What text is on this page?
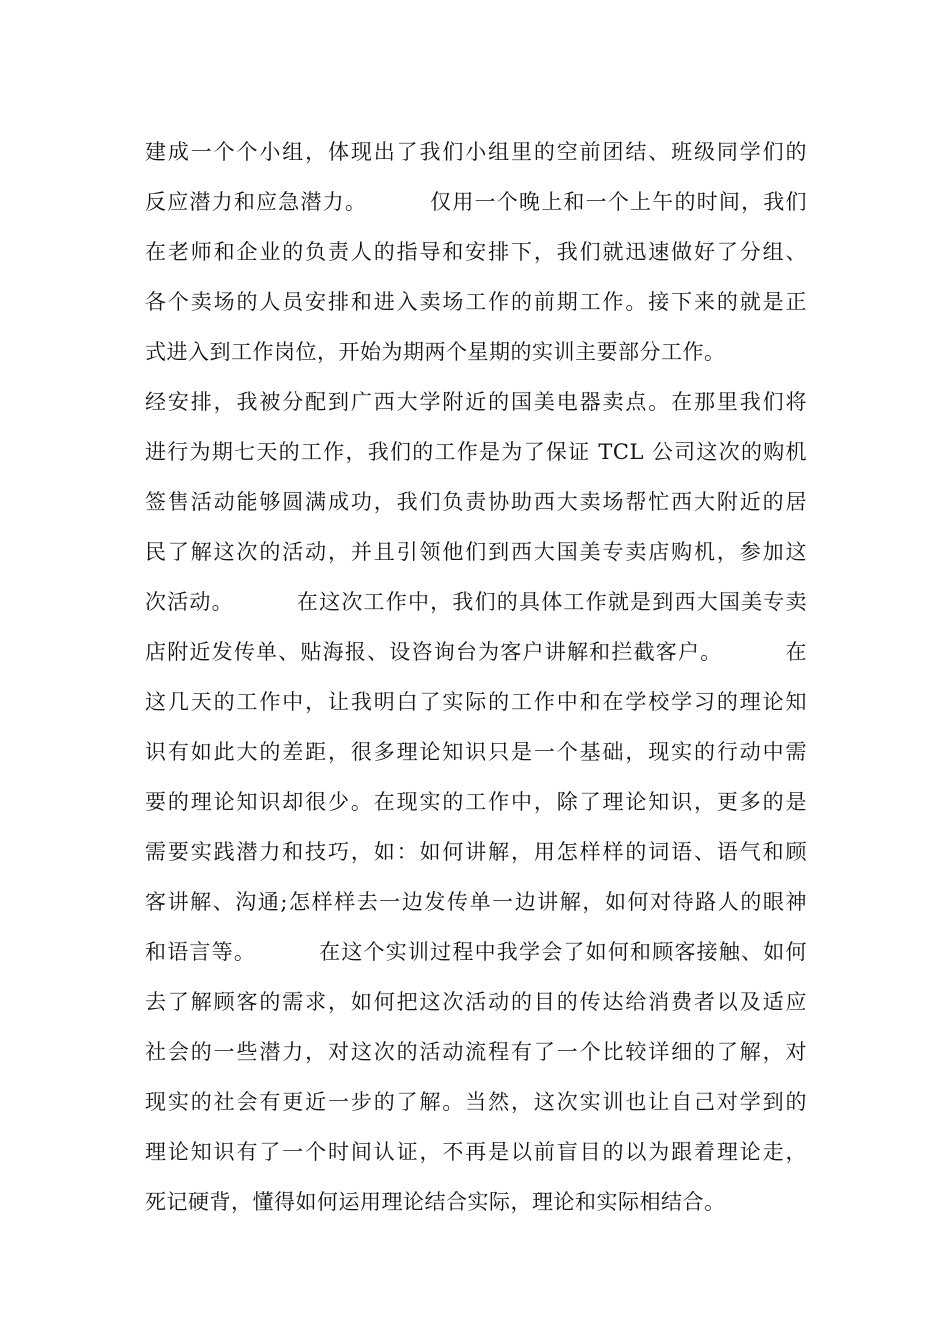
建成一个个小组，体现出了我们小组里的空前团结、班级同学们的
反应潜力和应急潜力。        仅用一个晚上和一个上午的时间，我们
在老师和企业的负责人的指导和安排下，我们就迅速做好了分组、
各个卖场的人员安排和进入卖场工作的前期工作。接下来的就是正
式进入到工作岗位，开始为期两个星期的实训主要部分工作。
经安排，我被分配到广西大学附近的国美电器卖点。在那里我们将
进行为期七天的工作，我们的工作是为了保证 TCL 公司这次的购机
签售活动能够圆满成功，我们负责协助西大卖场帮忙西大附近的居
民了解这次的活动，并且引领他们到西大国美专卖店购机，参加这
次活动。        在这次工作中，我们的具体工作就是到西大国美专卖
店附近发传单、贴海报、设咨询台为客户讲解和拦截客户。        在
这几天的工作中，让我明白了实际的工作中和在学校学习的理论知
识有如此大的差距，很多理论知识只是一个基础，现实的行动中需
要的理论知识却很少。在现实的工作中，除了理论知识，更多的是
需要实践潜力和技巧，如：如何讲解，用怎样样的词语、语气和顾
客讲解、沟通;怎样样去一边发传单一边讲解，如何对待路人的眼神
和语言等。        在这个实训过程中我学会了如何和顾客接触、如何
去了解顾客的需求，如何把这次活动的目的传达给消费者以及适应
社会的一些潜力，对这次的活动流程有了一个比较详细的了解，对
现实的社会有更近一步的了解。当然，这次实训也让自己对学到的
理论知识有了一个时间认证，不再是以前盲目的以为跟着理论走，
死记硬背，懂得如何运用理论结合实际，理论和实际相结合。
